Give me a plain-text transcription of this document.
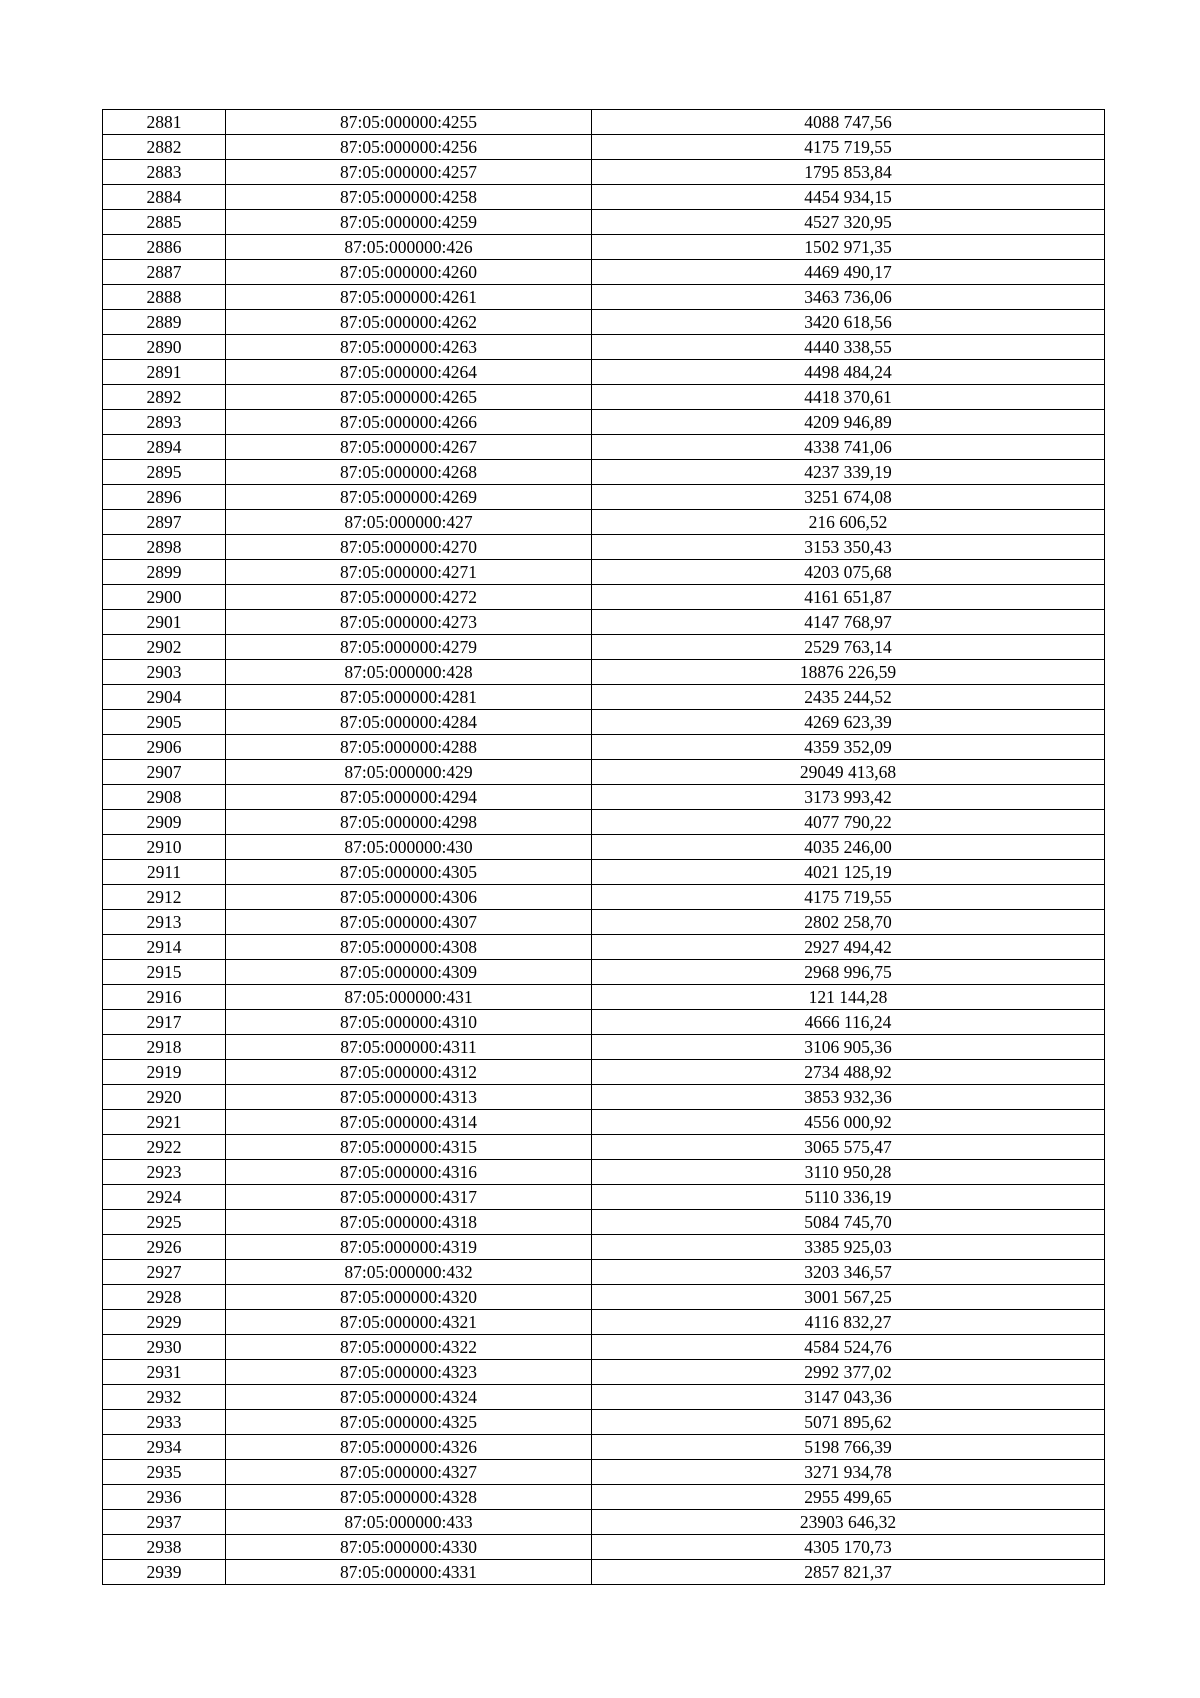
2881	87:05:000000:4255	4088 747,56
2882	87:05:000000:4256	4175 719,55
2883	87:05:000000:4257	1795 853,84
2884	87:05:000000:4258	4454 934,15
2885	87:05:000000:4259	4527 320,95
2886	87:05:000000:426	1502 971,35
2887	87:05:000000:4260	4469 490,17
2888	87:05:000000:4261	3463 736,06
2889	87:05:000000:4262	3420 618,56
2890	87:05:000000:4263	4440 338,55
2891	87:05:000000:4264	4498 484,24
2892	87:05:000000:4265	4418 370,61
2893	87:05:000000:4266	4209 946,89
2894	87:05:000000:4267	4338 741,06
2895	87:05:000000:4268	4237 339,19
2896	87:05:000000:4269	3251 674,08
2897	87:05:000000:427	216 606,52
2898	87:05:000000:4270	3153 350,43
2899	87:05:000000:4271	4203 075,68
2900	87:05:000000:4272	4161 651,87
2901	87:05:000000:4273	4147 768,97
2902	87:05:000000:4279	2529 763,14
2903	87:05:000000:428	18876 226,59
2904	87:05:000000:4281	2435 244,52
2905	87:05:000000:4284	4269 623,39
2906	87:05:000000:4288	4359 352,09
2907	87:05:000000:429	29049 413,68
2908	87:05:000000:4294	3173 993,42
2909	87:05:000000:4298	4077 790,22
2910	87:05:000000:430	4035 246,00
2911	87:05:000000:4305	4021 125,19
2912	87:05:000000:4306	4175 719,55
2913	87:05:000000:4307	2802 258,70
2914	87:05:000000:4308	2927 494,42
2915	87:05:000000:4309	2968 996,75
2916	87:05:000000:431	121 144,28
2917	87:05:000000:4310	4666 116,24
2918	87:05:000000:4311	3106 905,36
2919	87:05:000000:4312	2734 488,92
2920	87:05:000000:4313	3853 932,36
2921	87:05:000000:4314	4556 000,92
2922	87:05:000000:4315	3065 575,47
2923	87:05:000000:4316	3110 950,28
2924	87:05:000000:4317	5110 336,19
2925	87:05:000000:4318	5084 745,70
2926	87:05:000000:4319	3385 925,03
2927	87:05:000000:432	3203 346,57
2928	87:05:000000:4320	3001 567,25
2929	87:05:000000:4321	4116 832,27
2930	87:05:000000:4322	4584 524,76
2931	87:05:000000:4323	2992 377,02
2932	87:05:000000:4324	3147 043,36
2933	87:05:000000:4325	5071 895,62
2934	87:05:000000:4326	5198 766,39
2935	87:05:000000:4327	3271 934,78
2936	87:05:000000:4328	2955 499,65
2937	87:05:000000:433	23903 646,32
2938	87:05:000000:4330	4305 170,73
2939	87:05:000000:4331	2857 821,37
